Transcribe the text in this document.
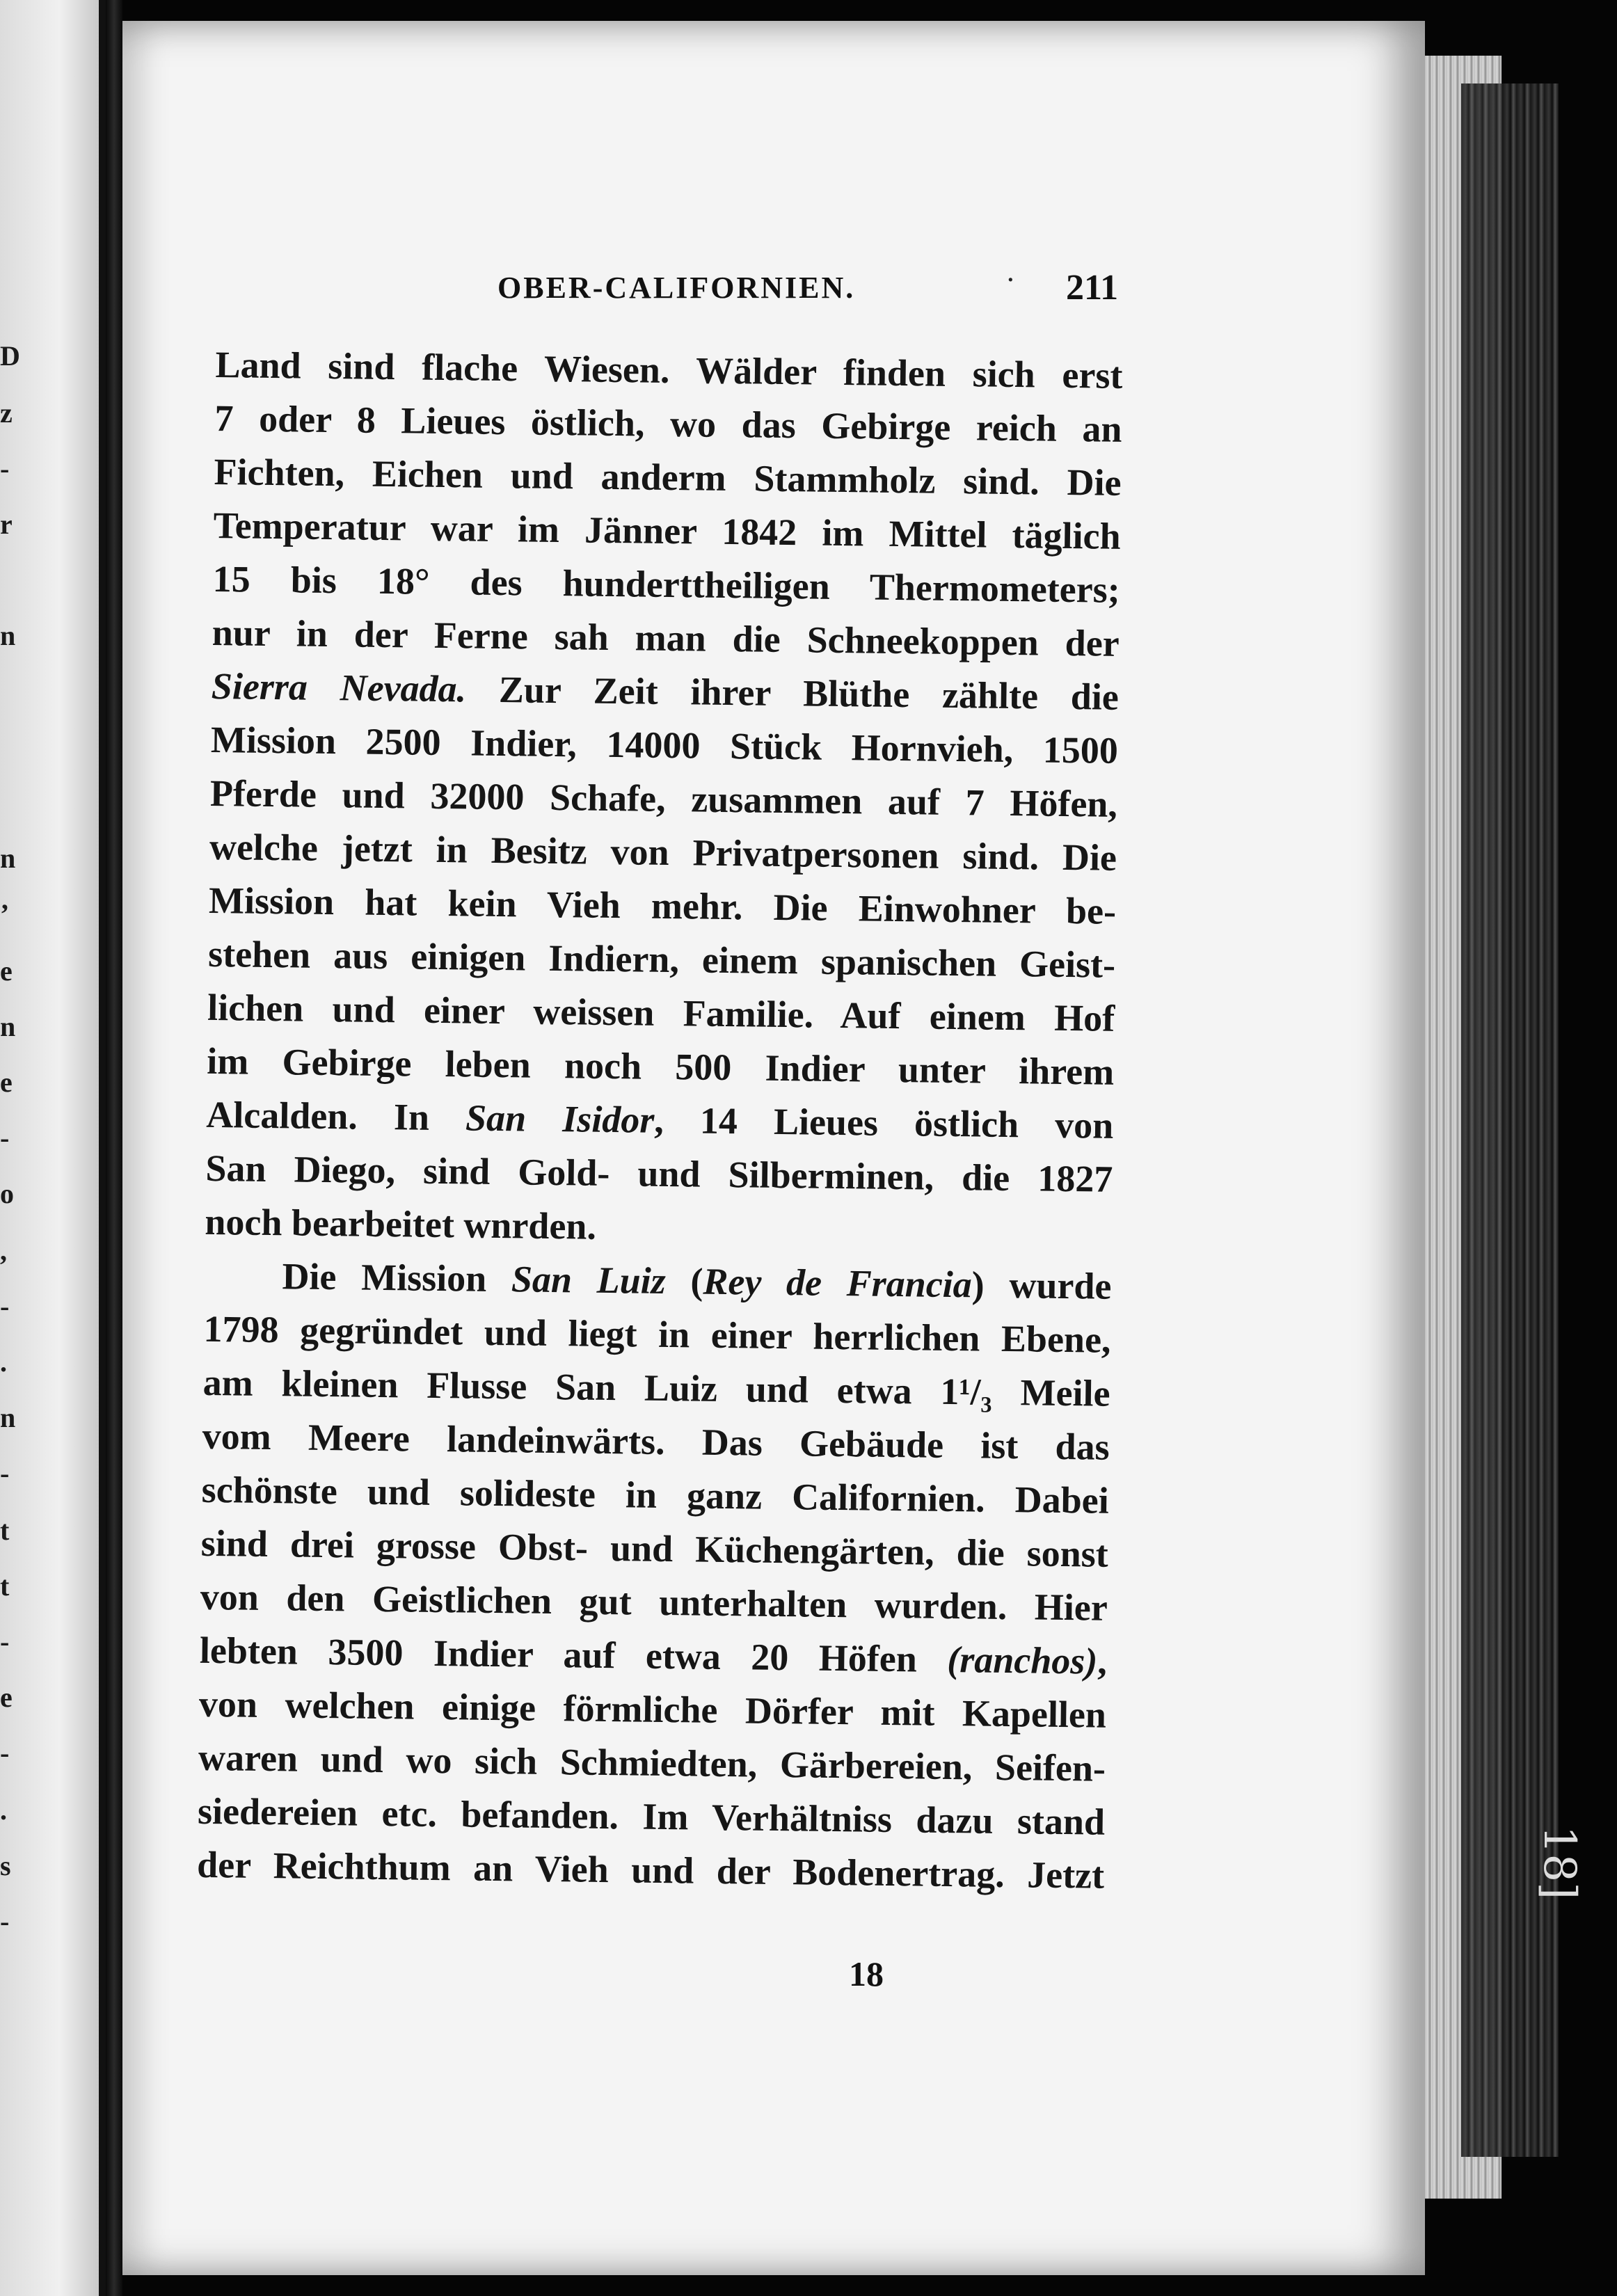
D
z
-
r
n
n
’
e
n
e
-
o
,
-
.
n
-
t
t
-
e
-
.
s
-
18]
OBER-CALIFORNIEN.	· 211
Land sind flache Wiesen. Wälder finden sich erst
7 oder 8 Lieues östlich, wo das Gebirge reich an
Fichten, Eichen und anderm Stammholz sind. Die
Temperatur war im Jänner 1842 im Mittel täglich
15 bis 18° des hunderttheiligen Thermometers;
nur in der Ferne sah man die Schneekoppen der
Sierra Nevada. Zur Zeit ihrer Blüthe zählte die
Mission 2500 Indier, 14000 Stück Hornvieh, 1500
Pferde und 32000 Schafe, zusammen auf 7 Höfen,
welche jetzt in Besitz von Privatpersonen sind. Die
Mission hat kein Vieh mehr. Die Einwohner be-
stehen aus einigen Indiern, einem spanischen Geist-
lichen und einer weissen Familie. Auf einem Hof
im Gebirge leben noch 500 Indier unter ihrem
Alcalden. In San Isidor, 14 Lieues östlich von
San Diego, sind Gold- und Silberminen, die 1827
noch bearbeitet wnrden.
Die Mission San Luiz (Rey de Francia) wurde
1798 gegründet und liegt in einer herrlichen Ebene,
am kleinen Flusse San Luiz und etwa 1¹/₃ Meile
vom Meere landeinwärts. Das Gebäude ist das
schönste und solideste in ganz Californien. Dabei
sind drei grosse Obst- und Küchengärten, die sonst
von den Geistlichen gut unterhalten wurden. Hier
lebten 3500 Indier auf etwa 20 Höfen (ranchos),
von welchen einige förmliche Dörfer mit Kapellen
waren und wo sich Schmiedten, Gärbereien, Seifen-
siedereien etc. befanden. Im Verhältniss dazu stand
der Reichthum an Vieh und der Bodenertrag. Jetzt
18
